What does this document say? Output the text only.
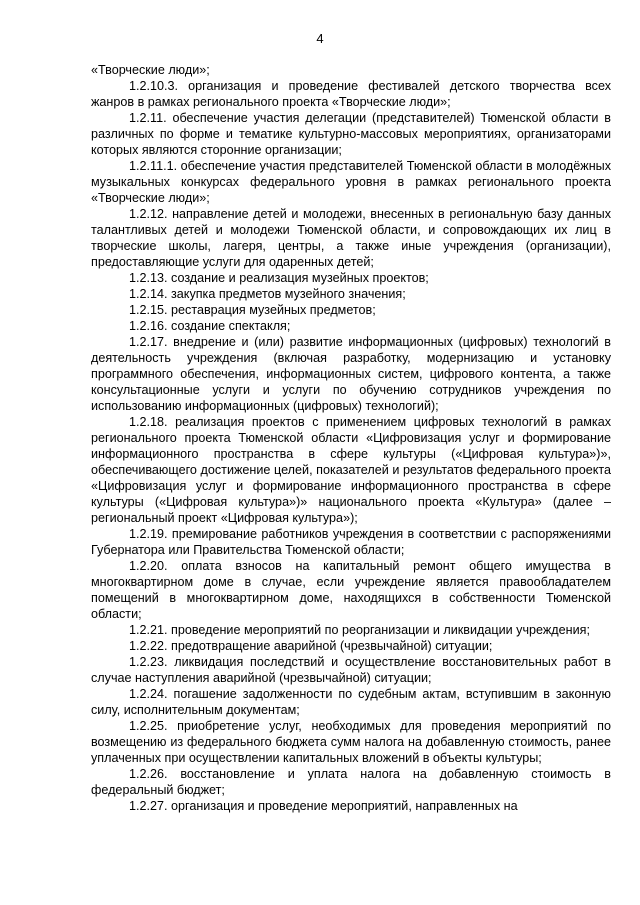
4

«Творческие люди»;

1.2.10.3. организация и проведение фестивалей детского творчества всех жанров в рамках регионального проекта «Творческие люди»;

1.2.11. обеспечение участия делегации (представителей) Тюменской области в различных по форме и тематике культурно-массовых мероприятиях, организаторами которых являются сторонние организации;

1.2.11.1. обеспечение участия представителей Тюменской области в молодёжных музыкальных конкурсах федерального уровня в рамках регионального проекта «Творческие люди»;

1.2.12. направление детей и молодежи, внесенных в региональную базу данных талантливых детей и молодежи Тюменской области, и сопровождающих их лиц в творческие школы, лагеря, центры, а также иные учреждения (организации), предоставляющие услуги для одаренных детей;

1.2.13. создание и реализация музейных проектов;

1.2.14. закупка предметов музейного значения;

1.2.15. реставрация музейных предметов;

1.2.16. создание спектакля;

1.2.17. внедрение и (или) развитие информационных (цифровых) технологий в деятельность учреждения (включая разработку, модернизацию и установку программного обеспечения, информационных систем, цифрового контента, а также консультационные услуги и услуги по обучению сотрудников учреждения по использованию информационных (цифровых) технологий);

1.2.18. реализация проектов с применением цифровых технологий в рамках регионального проекта Тюменской области «Цифровизация услуг и формирование информационного пространства в сфере культуры («Цифровая культура»)», обеспечивающего достижение целей, показателей и результатов федерального проекта «Цифровизация услуг и формирование информационного пространства в сфере культуры («Цифровая культура»)» национального проекта «Культура» (далее – региональный проект «Цифровая культура»);

1.2.19. премирование работников учреждения в соответствии с распоряжениями Губернатора или Правительства Тюменской области;

1.2.20. оплата взносов на капитальный ремонт общего имущества в многоквартирном доме в случае, если учреждение является правообладателем помещений в многоквартирном доме, находящихся в собственности Тюменской области;

1.2.21. проведение мероприятий по реорганизации и ликвидации учреждения;

1.2.22. предотвращение аварийной (чрезвычайной) ситуации;

1.2.23. ликвидация последствий и осуществление восстановительных работ в случае наступления аварийной (чрезвычайной) ситуации;

1.2.24. погашение задолженности по судебным актам, вступившим в законную силу, исполнительным документам;

1.2.25. приобретение услуг, необходимых для проведения мероприятий по возмещению из федерального бюджета сумм налога на добавленную стоимость, ранее уплаченных при осуществлении капитальных вложений в объекты культуры;

1.2.26. восстановление и уплата налога на добавленную стоимость в федеральный бюджет;

1.2.27. организация и проведение мероприятий, направленных на
